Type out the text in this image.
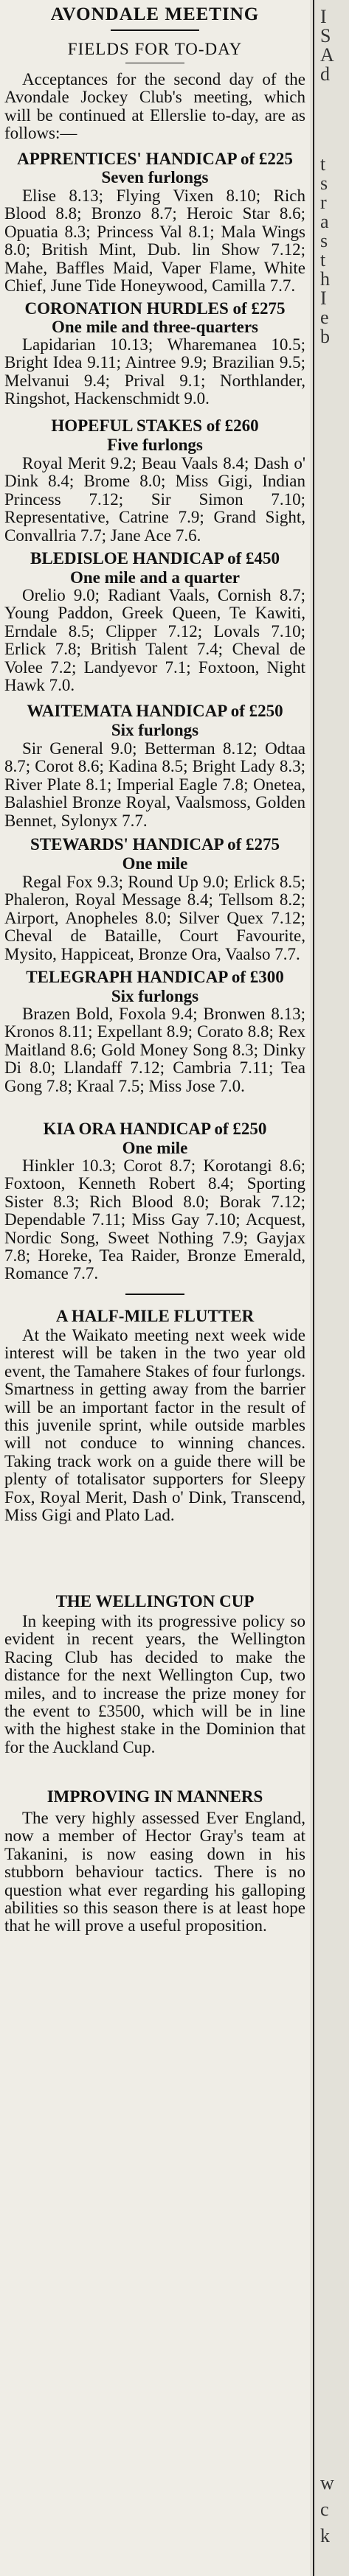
AVONDALE MEETING
FIELDS FOR TO-DAY
Acceptances for the second day of the Avondale Jockey Club's meeting, which will be continued at Ellerslie to-day, are as follows:—
APPRENTICES' HANDICAP of £225
Seven furlongs
Elise 8.13; Flying Vixen 8.10; Rich Blood 8.8; Bronzo 8.7; Heroic Star 8.6; Opuatia 8.3; Princess Val 8.1; Mala Wings 8.0; British Mint, Dub. lin Show 7.12; Mahe, Baffles Maid, Vaper Flame, White Chief, June Tide Honeywood, Camilla 7.7.
CORONATION HURDLES of £275
One mile and three-quarters
Lapidarian 10.13; Wharemanea 10.5; Bright Idea 9.11; Aintree 9.9; Brazilian 9.5; Melvanui 9.4; Prival 9.1; Northlander, Ringshot, Hackenschmidt 9.0.
HOPEFUL STAKES of £260
Five furlongs
Royal Merit 9.2; Beau Vaals 8.4; Dash o' Dink 8.4; Brome 8.0; Miss Gigi, Indian Princess 7.12; Sir Simon 7.10; Representative, Catrine 7.9; Grand Sight, Convallria 7.7; Jane Ace 7.6.
BLEDISLOE HANDICAP of £450
One mile and a quarter
Orelio 9.0; Radiant Vaals, Cornish 8.7; Young Paddon, Greek Queen, Te Kawiti, Erndale 8.5; Clipper 7.12; Lovals 7.10; Erlick 7.8; British Talent 7.4; Cheval de Volee 7.2; Landyevor 7.1; Foxtoon, Night Hawk 7.0.
WAITEMATA HANDICAP of £250
Six furlongs
Sir General 9.0; Betterman 8.12; Odtaa 8.7; Corot 8.6; Kadina 8.5; Bright Lady 8.3; River Plate 8.1; Imperial Eagle 7.8; Oneteа, Balashiel Bronze Royal, Vaalsmoss, Golden Bennet, Sylonyx 7.7.
STEWARDS' HANDICAP of £275
One mile
Regal Fox 9.3; Round Up 9.0; Erlick 8.5; Phaleron, Royal Message 8.4; Tellsom 8.2; Airport, Anopheles 8.0; Silver Quex 7.12; Cheval de Bataille, Court Favourite, Mysito, Happiceat, Bronze Ora, Vaalso 7.7.
TELEGRAPH HANDICAP of £300
Six furlongs
Brazen Bold, Foxola 9.4; Bronwen 8.13; Kronos 8.11; Expellant 8.9; Corato 8.8; Rex Maitland 8.6; Gold Money Song 8.3; Dinky Di 8.0; Llandaff 7.12; Cambria 7.11; Tea Gong 7.8; Kraal 7.5; Miss Jose 7.0.
KIA ORA HANDICAP of £250
One mile
Hinkler 10.3; Corot 8.7; Korotangi 8.6; Foxtoon, Kenneth Robert 8.4; Sporting Sister 8.3; Rich Blood 8.0; Borak 7.12; Dependable 7.11; Miss Gay 7.10; Acquest, Nordic Song, Sweet Nothing 7.9; Gayjax 7.8; Horeke, Tea Raider, Bronze Emerald, Romance 7.7.
A HALF-MILE FLUTTER
At the Waikato meeting next week wide interest will be taken in the two year old event, the Tamahere Stakes of four furlongs. Smartness in getting away from the barrier will be an important factor in the result of this juvenile sprint, while outside marbles will not conduce to winning chances. Taking track work on a guide there will be plenty of totalisator supporters for Sleepy Fox, Royal Merit, Dash o' Dink, Transcend, Miss Gigi and Plato Lad.
THE WELLINGTON CUP
In keeping with its progressive policy so evident in recent years, the Wellington Racing Club has decided to make the distance for the next Wellington Cup, two miles, and to increase the prize money for the event to £3500, which will be in line with the highest stake in the Dominion that for the Auckland Cup.
IMPROVING IN MANNERS
The very highly assessed Ever England, now a member of Hector Gray's team at Takanini, is now easing down in his stubborn behaviour tactics. There is no question what ever regarding his galloping abilities so this season there is at least hope that he will prove a useful proposition.
I
S
A
d
t
s
r
a
s
t
h
I
e
b
w
c
k
